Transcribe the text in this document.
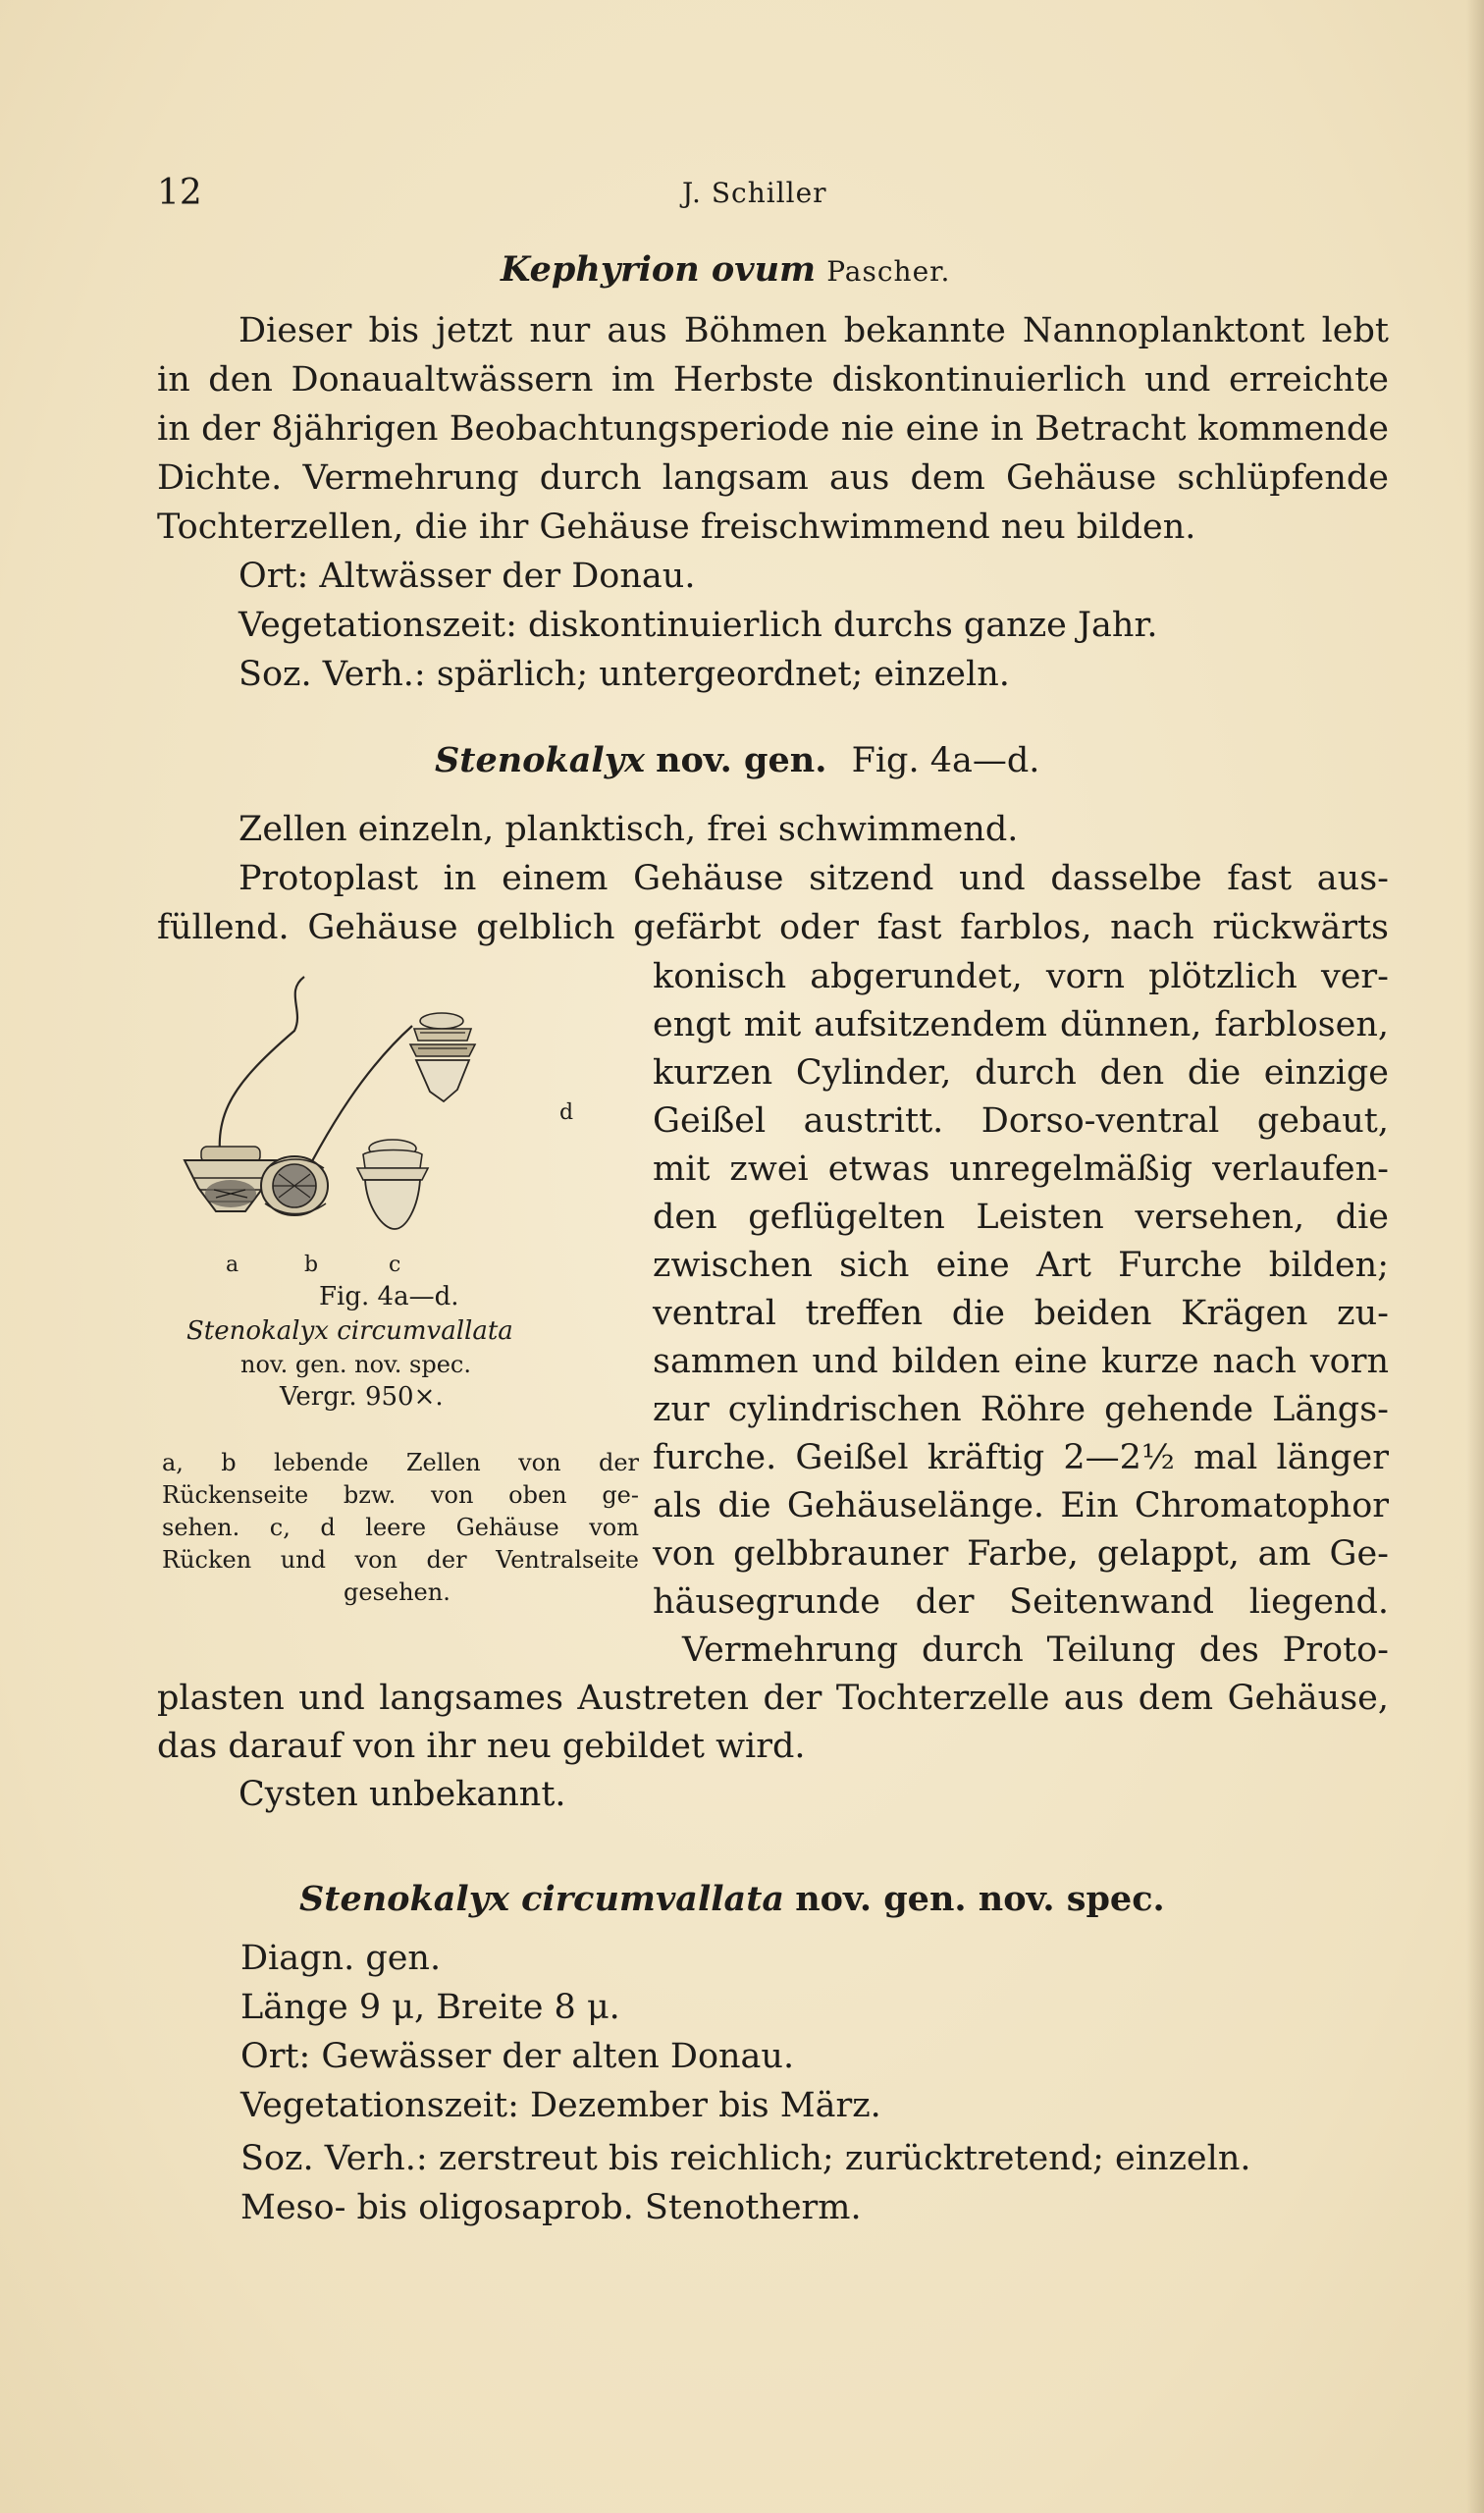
12	J. Schiller
Kephyrion ovum Pascher.
Dieser bis jetzt nur aus Böhmen bekannte Nannoplanktont lebt
in den Donaualtwässern im Herbste diskontinuierlich und erreichte
in der 8jährigen Beobachtungsperiode nie eine in Betracht kommende
Dichte. Vermehrung durch langsam aus dem Gehäuse schlüpfende
Tochterzellen, die ihr Gehäuse freischwimmend neu bilden.
Ort: Altwässer der Donau.
Vegetationszeit: diskontinuierlich durchs ganze Jahr.
Soz. Verh.: spärlich; untergeordnet; einzeln.
Stenokalyx nov. gen. Fig. 4a—d.
Zellen einzeln, planktisch, frei schwimmend.
Protoplast in einem Gehäuse sitzend und dasselbe fast aus-
füllend. Gehäuse gelblich gefärbt oder fast farblos, nach rückwärts
konisch abgerundet, vorn plötzlich ver-
engt mit aufsitzendem dünnen, farblosen,
kurzen Cylinder, durch den die einzige
Geißel austritt. Dorso-ventral gebaut,
mit zwei etwas unregelmäßig verlaufen-
den geflügelten Leisten versehen, die
zwischen sich eine Art Furche bilden;
ventral treffen die beiden Krägen zu-
sammen und bilden eine kurze nach vorn
zur cylindrischen Röhre gehende Längs-
furche. Geißel kräftig 2—2½ mal länger
als die Gehäuselänge. Ein Chromatophor
von gelbbrauner Farbe, gelappt, am Ge-
häusegrunde der Seitenwand liegend.
Vermehrung durch Teilung des Proto-
plasten und langsames Austreten der Tochterzelle aus dem Gehäuse,
das darauf von ihr neu gebildet wird.
Cysten unbekannt.
a	b	c
d
Fig. 4a—d.
Stenokalyx circumvallata
nov. gen. nov. spec.
Vergr. 950×.
a, b lebende Zellen von der
Rückenseite bzw. von oben ge-
sehen. c, d leere Gehäuse vom
Rücken und von der Ventralseite
gesehen.
Stenokalyx circumvallata nov. gen. nov. spec.
Diagn. gen.
Länge 9 μ, Breite 8 μ.
Ort: Gewässer der alten Donau.
Vegetationszeit: Dezember bis März.
Soz. Verh.: zerstreut bis reichlich; zurücktretend; einzeln.
Meso- bis oligosaprob. Stenotherm.
